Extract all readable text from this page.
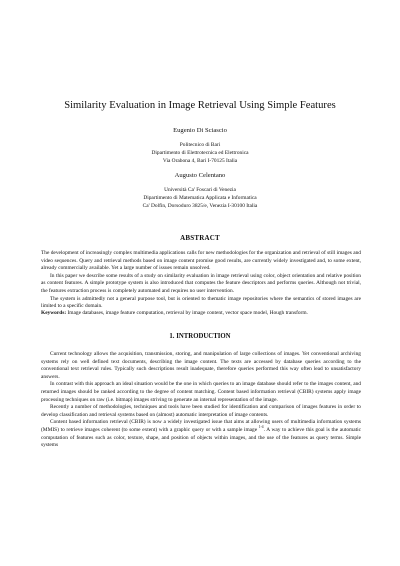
Similarity Evaluation in Image Retrieval Using Simple Features
Eugenio Di Sciascio
Politecnico di Bari
Dipartimento di Elettrotecnica ed Elettronica
Via Orabona 4, Bari I-70125 Italia
Augusto Celentano
Università Ca' Foscari di Venezia
Dipartimento di Matematica Applicata e Informatica
Ca' Dolfin, Dorsoduro 3825/e, Venezia I-30100 Italia
ABSTRACT

The development of increasingly complex multimedia applications calls for new methodologies for the organization and retrieval of still images and video sequences. Query and retrieval methods based on image content promise good results, are currently widely investigated and, to some extent, already commercially available. Yet a large number of issues remain unsolved.

In this paper we describe some results of a study on similarity evaluation in image retrieval using color, object orientation and relative position as content features. A simple prototype system is also introduced that computes the feature descriptors and performs queries. Although not trivial, the features extraction process is completely automated and requires no user intervention.

The system is admittedly not a general purpose tool, but is oriented to thematic image repositories where the semantics of stored images are limited to a specific domain.

Keywords: Image databases, image feature computation, retrieval by image content, vector space model, Hough transform.

1. INTRODUCTION

Current technology allows the acquisition, transmission, storing, and manipulation of large collections of images. Yet conventional archiving systems rely on well defined text documents, describing the image content. The texts are accessed by database queries according to the conventional text retrieval rules. Typically such descriptions result inadequate, therefore queries performed this way often lead to unsatisfactory answers.

In contrast with this approach an ideal situation would be the one in which queries to an image database should refer to the images content, and returned images should be ranked according to the degree of content matching. Content based information retrieval (CBIR) systems apply image processing techniques on raw (i.e. bitmap) images striving to generate an internal representation of the image.

Recently a number of methodologies, techniques and tools have been studied for identification and comparison of images features in order to develop classification and retrieval systems based on (almost) automatic interpretation of image contents.

Content based information retrieval (CBIR) is now a widely investigated issue that aims at allowing users of multimedia information systems (MMIS) to retrieve images coherent (to some extent) with a graphic query or with a sample image $^{1-4}$. A way to achieve this goal is the automatic computation of features such as color, texture, shape, and position of objects within images, and the use of the features as query terms. Simple systems
